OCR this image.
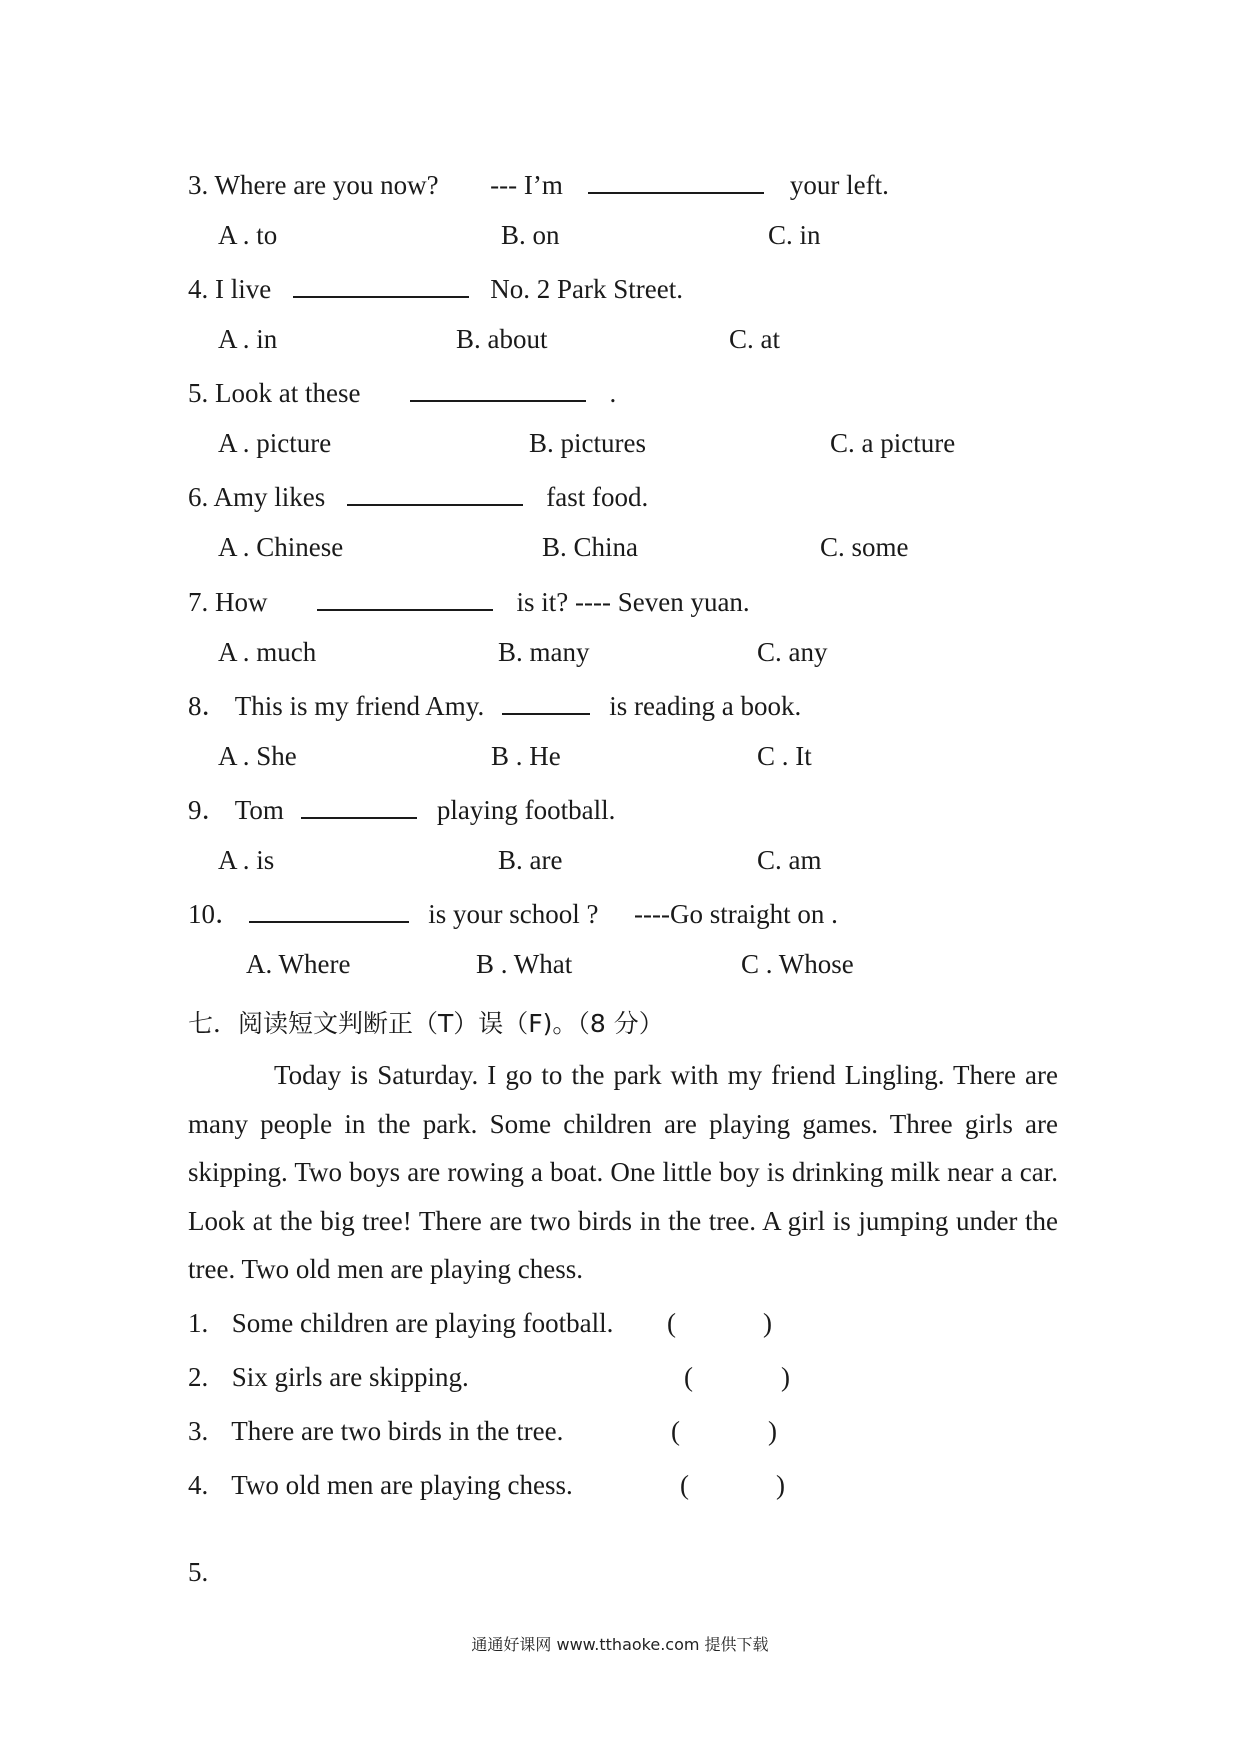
3. Where are you now? --- I’m	your left.
A . to	B. on	C. in
4. I live	No. 2 Park Street.
A . in	B. about	C. at
5. Look at these	.
A . picture	B. pictures	C. a picture
6. Amy likes	fast food.
A . Chinese	B. China	C. some
7. How	is it? ---- Seven yuan.
A . much	B. many	C. any
8． This is my friend Amy.	is reading a book.
A . She	B . He	C . It
9． Tom	playing football.
A . is	B. are	C. am
10．	is your school ? ----Go straight on .
A. Where	B . What	C . Whose
七．阅读短文判断正（T）误（F)。（8 分）
Today is Saturday. I go to the park with my friend Lingling. There are many people in the park. Some children are playing games. Three girls are skipping. Two boys are rowing a boat. One little boy is drinking milk near a car. Look at the big tree! There are two birds in the tree. A girl is jumping under the tree. Two old men are playing chess.
1. Some children are playing football. (	)
2. Six girls are skipping.	(	)
3. There are two birds in the tree.	(	)
4. Two old men are playing chess.	(	)
5.
通通好课网 www.tthaoke.com 提供下载
